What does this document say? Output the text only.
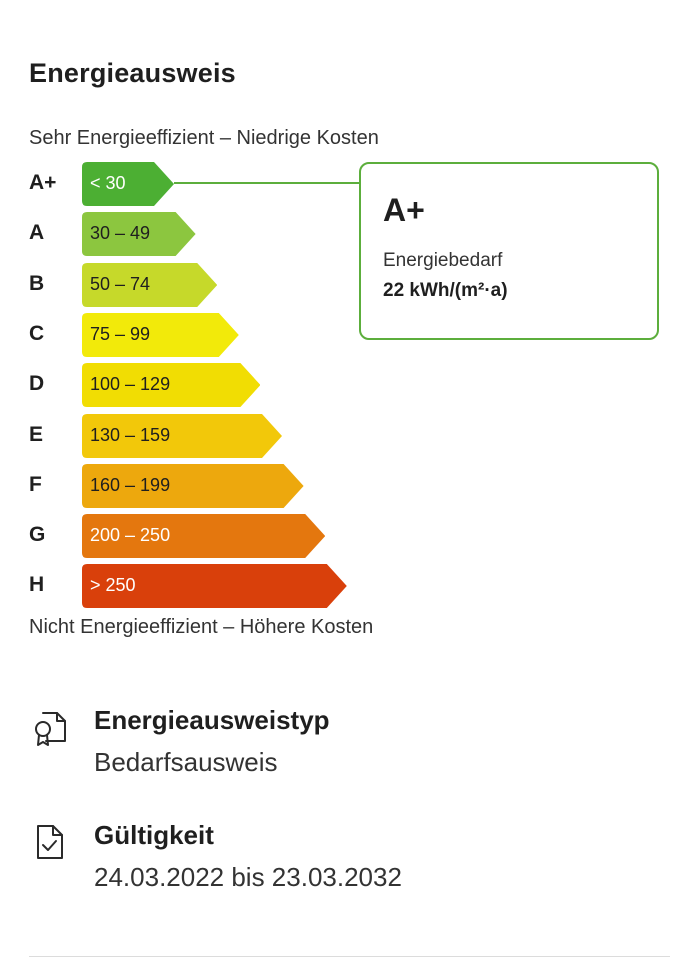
Energieausweis
Sehr Energieeffizient – Niedrige Kosten
A+ < 30
A	30 – 49
B	50 – 74
C	75 – 99
D	100 – 129
E	130 – 159
F	160 – 199
G 200 – 250
H	> 250
A+
Energiebedarf
22 kWh/(m²·a)
Nicht Energieeffizient – Höhere Kosten
Energieausweistyp
Bedarfsausweis
Gültigkeit
24.03.2022 bis 23.03.2032
